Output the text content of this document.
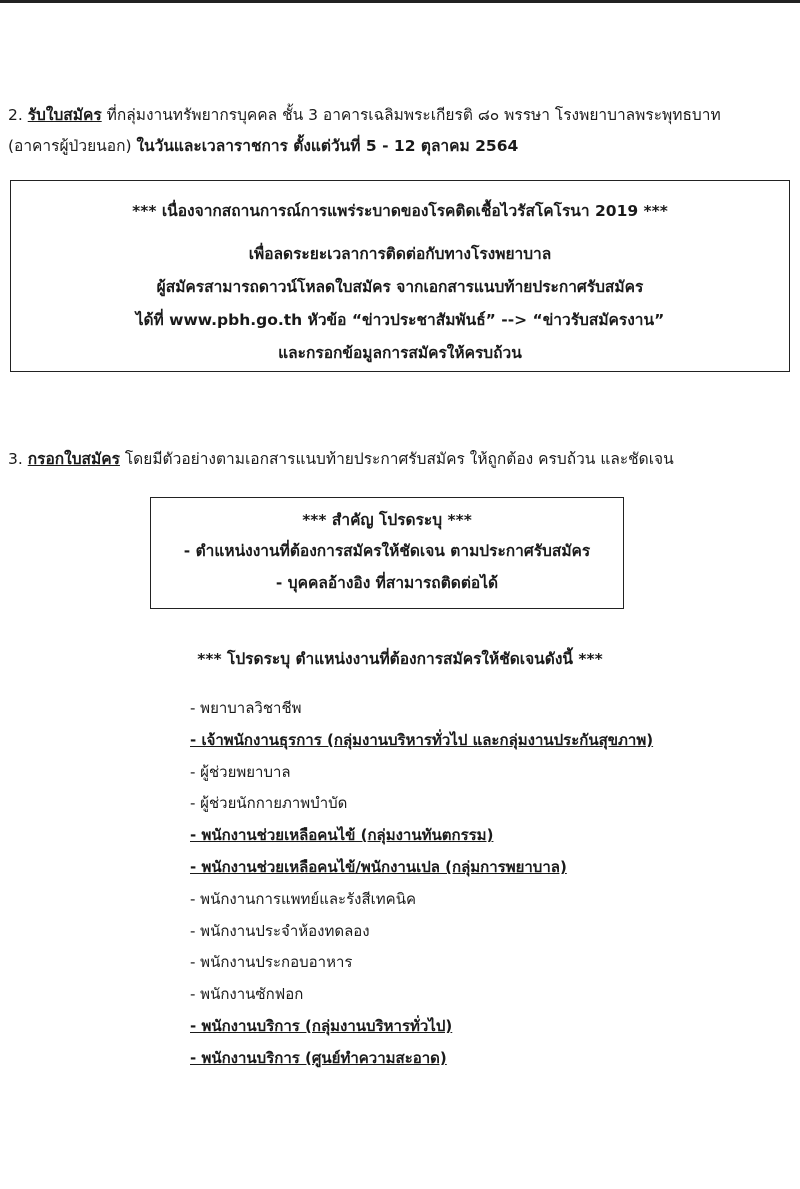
2. รับใบสมัคร ที่กลุ่มงานทรัพยากรบุคคล ชั้น 3 อาคารเฉลิมพระเกียรติ ๘๐ พรรษา โรงพยาบาลพระพุทธบาท
(อาคารผู้ป่วยนอก) ในวันและเวลาราชการ ตั้งแต่วันที่ 5 - 12 ตุลาคม 2564
*** เนื่องจากสถานการณ์การแพร่ระบาดของโรคติดเชื้อไวรัสโคโรนา 2019 ***
เพื่อลดระยะเวลาการติดต่อกับทางโรงพยาบาล
ผู้สมัครสามารถดาวน์โหลดใบสมัคร จากเอกสารแนบท้ายประกาศรับสมัคร
ได้ที่ www.pbh.go.th หัวข้อ “ข่าวประชาสัมพันธ์” --> “ข่าวรับสมัครงาน”
และกรอกข้อมูลการสมัครให้ครบถ้วน
3. กรอกใบสมัคร โดยมีตัวอย่างตามเอกสารแนบท้ายประกาศรับสมัคร ให้ถูกต้อง ครบถ้วน และชัดเจน
*** สำคัญ โปรดระบุ ***
- ตำแหน่งงานที่ต้องการสมัครให้ชัดเจน ตามประกาศรับสมัคร
- บุคคลอ้างอิง ที่สามารถติดต่อได้
*** โปรดระบุ ตำแหน่งงานที่ต้องการสมัครให้ชัดเจนดังนี้ ***
- พยาบาลวิชาชีพ
- เจ้าพนักงานธุรการ (กลุ่มงานบริหารทั่วไป และกลุ่มงานประกันสุขภาพ)
- ผู้ช่วยพยาบาล
- ผู้ช่วยนักกายภาพบำบัด
- พนักงานช่วยเหลือคนไข้ (กลุ่มงานทันตกรรม)
- พนักงานช่วยเหลือคนไข้/พนักงานเปล (กลุ่มการพยาบาล)
- พนักงานการแพทย์และรังสีเทคนิค
- พนักงานประจำห้องทดลอง
- พนักงานประกอบอาหาร
- พนักงานซักฟอก
- พนักงานบริการ (กลุ่มงานบริหารทั่วไป)
- พนักงานบริการ (ศูนย์ทำความสะอาด)
